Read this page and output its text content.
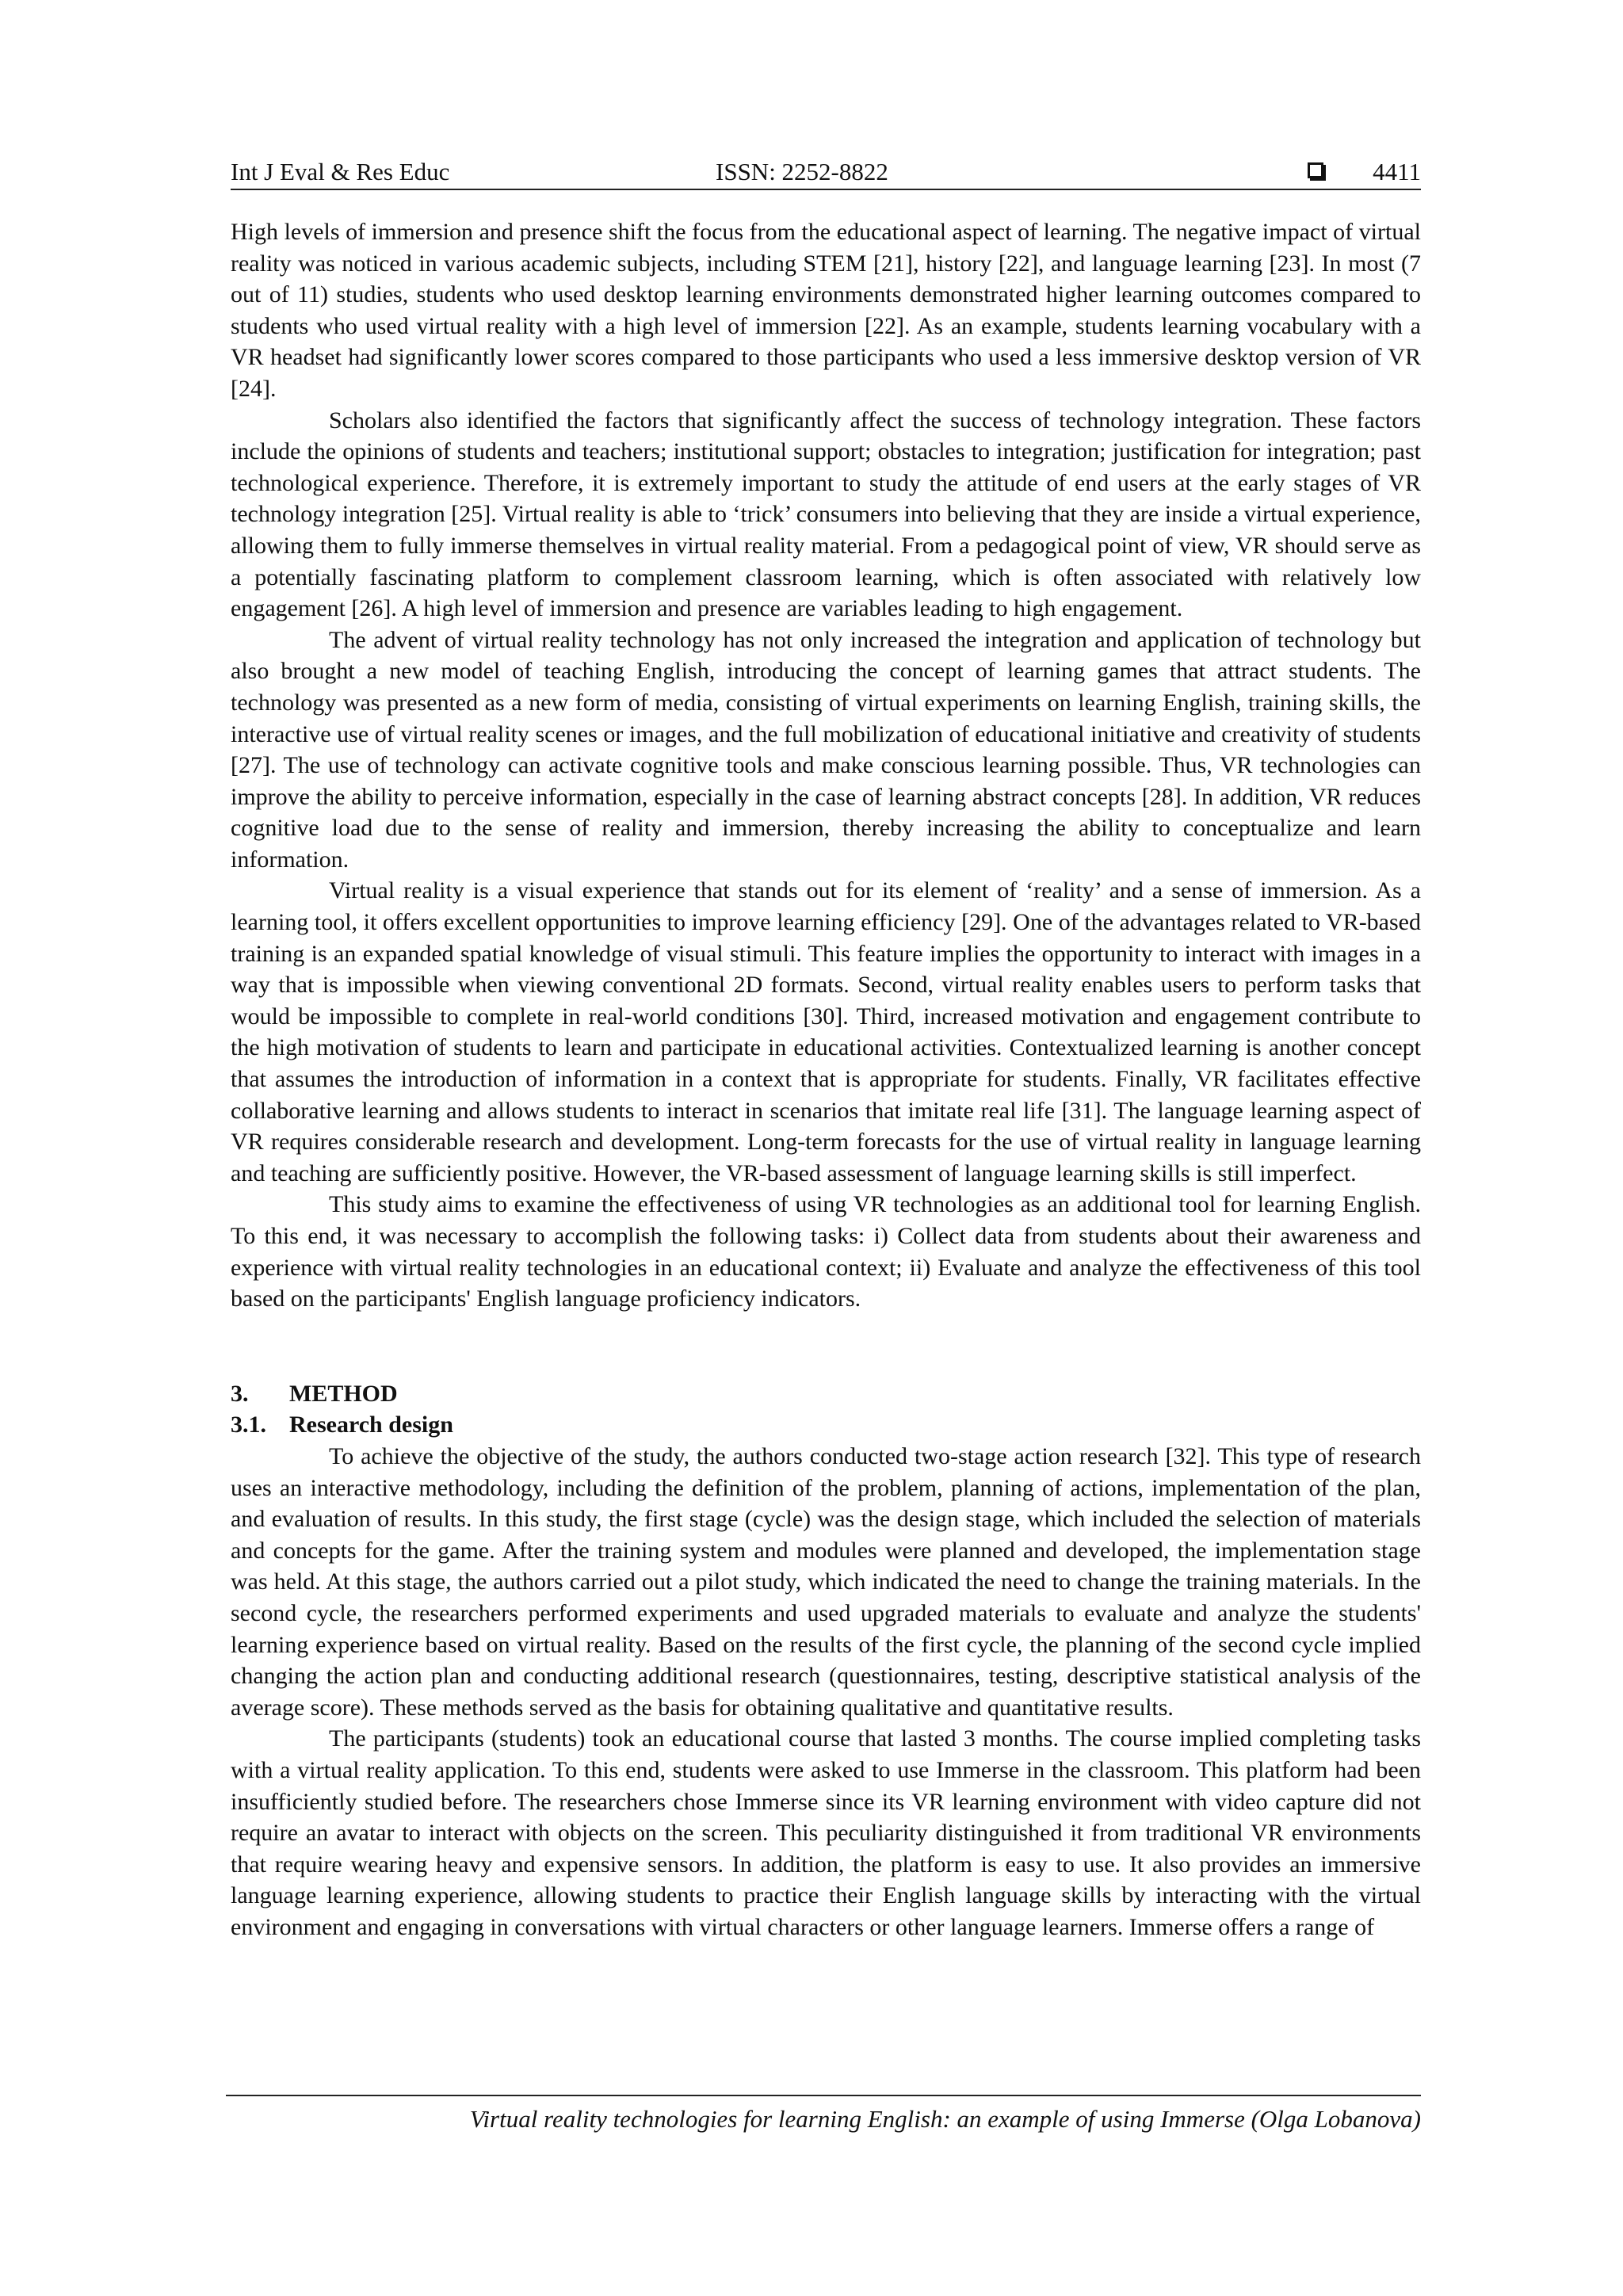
Int J Eval & Res Educ	ISSN: 2252-8822	4411

High levels of immersion and presence shift the focus from the educational aspect of learning. The negative impact of virtual reality was noticed in various academic subjects, including STEM [21], history [22], and language learning [23]. In most (7 out of 11) studies, students who used desktop learning environments demonstrated higher learning outcomes compared to students who used virtual reality with a high level of immersion [22]. As an example, students learning vocabulary with a VR headset had significantly lower scores compared to those participants who used a less immersive desktop version of VR [24].

Scholars also identified the factors that significantly affect the success of technology integration. These factors include the opinions of students and teachers; institutional support; obstacles to integration; justification for integration; past technological experience. Therefore, it is extremely important to study the attitude of end users at the early stages of VR technology integration [25]. Virtual reality is able to ‘trick’ consumers into believing that they are inside a virtual experience, allowing them to fully immerse themselves in virtual reality material. From a pedagogical point of view, VR should serve as a potentially fascinating platform to complement classroom learning, which is often associated with relatively low engagement [26]. A high level of immersion and presence are variables leading to high engagement.

The advent of virtual reality technology has not only increased the integration and application of technology but also brought a new model of teaching English, introducing the concept of learning games that attract students. The technology was presented as a new form of media, consisting of virtual experiments on learning English, training skills, the interactive use of virtual reality scenes or images, and the full mobilization of educational initiative and creativity of students [27]. The use of technology can activate cognitive tools and make conscious learning possible. Thus, VR technologies can improve the ability to perceive information, especially in the case of learning abstract concepts [28]. In addition, VR reduces cognitive load due to the sense of reality and immersion, thereby increasing the ability to conceptualize and learn information.

Virtual reality is a visual experience that stands out for its element of ‘reality’ and a sense of immersion. As a learning tool, it offers excellent opportunities to improve learning efficiency [29]. One of the advantages related to VR-based training is an expanded spatial knowledge of visual stimuli. This feature implies the opportunity to interact with images in a way that is impossible when viewing conventional 2D formats. Second, virtual reality enables users to perform tasks that would be impossible to complete in real-world conditions [30]. Third, increased motivation and engagement contribute to the high motivation of students to learn and participate in educational activities. Contextualized learning is another concept that assumes the introduction of information in a context that is appropriate for students. Finally, VR facilitates effective collaborative learning and allows students to interact in scenarios that imitate real life [31]. The language learning aspect of VR requires considerable research and development. Long-term forecasts for the use of virtual reality in language learning and teaching are sufficiently positive. However, the VR-based assessment of language learning skills is still imperfect.

This study aims to examine the effectiveness of using VR technologies as an additional tool for learning English. To this end, it was necessary to accomplish the following tasks: i) Collect data from students about their awareness and experience with virtual reality technologies in an educational context; ii) Evaluate and analyze the effectiveness of this tool based on the participants' English language proficiency indicators.

3. METHOD
3.1. Research design

To achieve the objective of the study, the authors conducted two-stage action research [32]. This type of research uses an interactive methodology, including the definition of the problem, planning of actions, implementation of the plan, and evaluation of results. In this study, the first stage (cycle) was the design stage, which included the selection of materials and concepts for the game. After the training system and modules were planned and developed, the implementation stage was held. At this stage, the authors carried out a pilot study, which indicated the need to change the training materials. In the second cycle, the researchers performed experiments and used upgraded materials to evaluate and analyze the students' learning experience based on virtual reality. Based on the results of the first cycle, the planning of the second cycle implied changing the action plan and conducting additional research (questionnaires, testing, descriptive statistical analysis of the average score). These methods served as the basis for obtaining qualitative and quantitative results.

The participants (students) took an educational course that lasted 3 months. The course implied completing tasks with a virtual reality application. To this end, students were asked to use Immerse in the classroom. This platform had been insufficiently studied before. The researchers chose Immerse since its VR learning environment with video capture did not require an avatar to interact with objects on the screen. This peculiarity distinguished it from traditional VR environments that require wearing heavy and expensive sensors. In addition, the platform is easy to use. It also provides an immersive language learning experience, allowing students to practice their English language skills by interacting with the virtual environment and engaging in conversations with virtual characters or other language learners. Immerse offers a range of

Virtual reality technologies for learning English: an example of using Immerse (Olga Lobanova)
